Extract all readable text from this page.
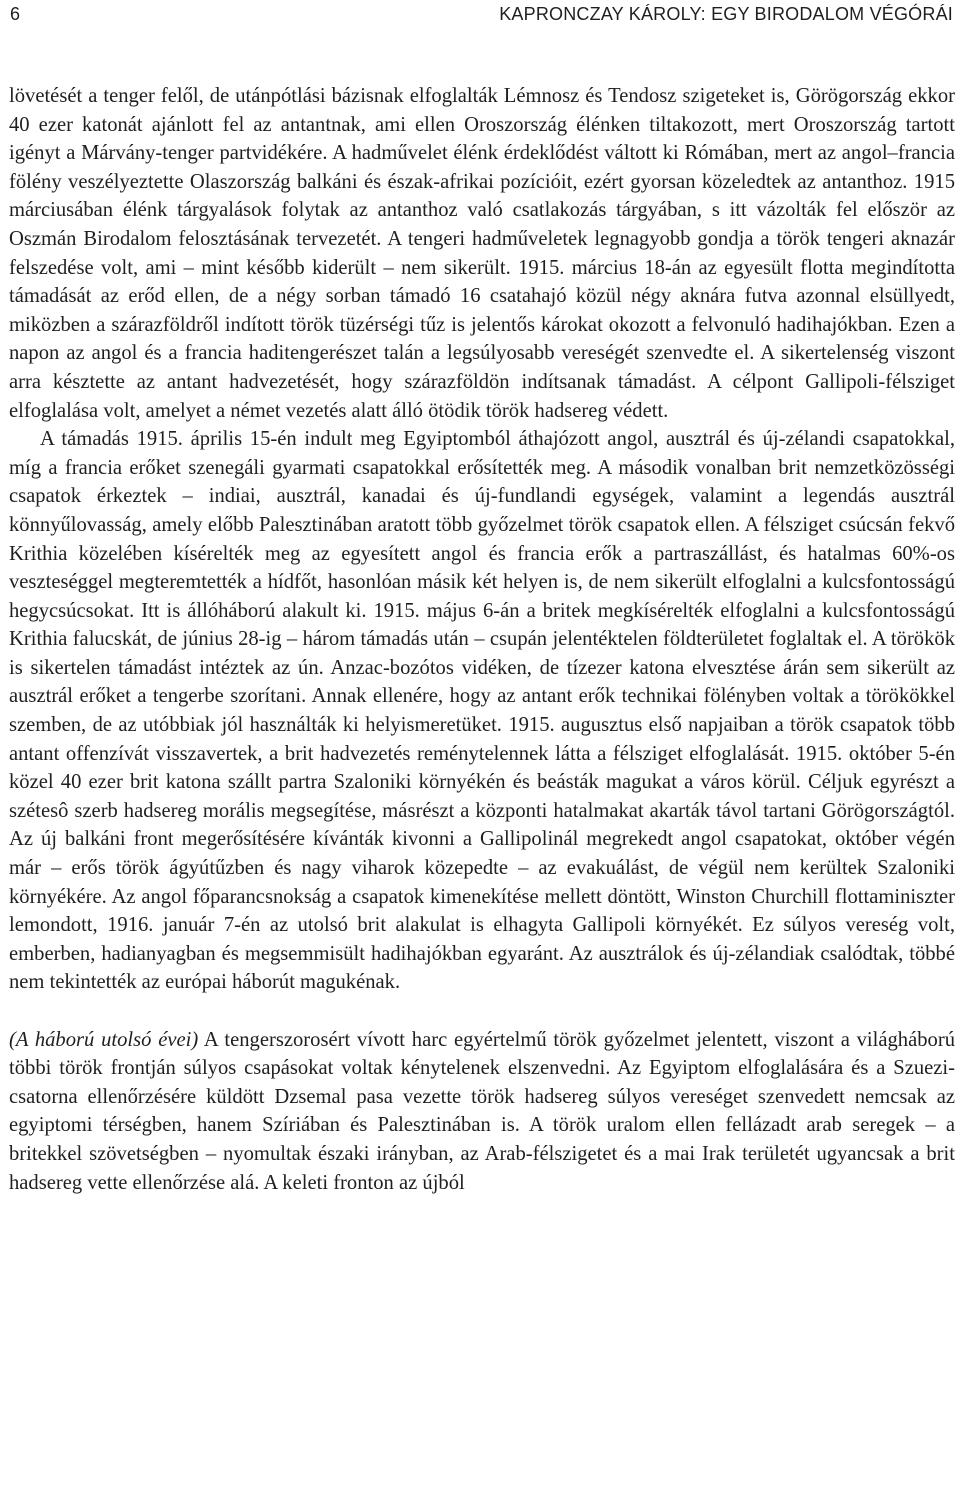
6	KAPRONCZAY KÁROLY: EGY BIRODALOM VÉGÓRÁI

lövetését a tenger felől, de utánpótlási bázisnak elfoglalták Lémnosz és Tendosz szigeteket is, Görögország ekkor 40 ezer katonát ajánlott fel az antantnak, ami ellen Oroszország élénken tiltakozott, mert Oroszország tartott igényt a Márvány-tenger partvidékére. A hadművelet élénk érdeklődést váltott ki Rómában, mert az angol–francia fölény veszélyeztette Olaszország balkáni és észak-afrikai pozícióit, ezért gyorsan közeledtek az antanthoz. 1915 márciusában élénk tárgyalások folytak az antanthoz való csatlakozás tárgyában, s itt vázolták fel először az Oszmán Birodalom felosztásának tervezetét. A tengeri hadműveletek legnagyobb gondja a török tengeri aknazár felszedése volt, ami – mint később kiderült – nem sikerült. 1915. március 18-án az egyesült flotta megindította támadását az erőd ellen, de a négy sorban támadó 16 csatahajó közül négy aknára futva azonnal elsüllyedt, miközben a szárazföldről indított török tüzérségi tűz is jelentős károkat okozott a felvonuló hadihajókban. Ezen a napon az angol és a francia haditengerészet talán a legsúlyosabb vereségét szenvedte el. A sikertelenség viszont arra késztette az antant hadvezetését, hogy szárazföldön indítsanak támadást. A célpont Gallipoli-félsziget elfoglalása volt, amelyet a német vezetés alatt álló ötödik török hadsereg védett.

A támadás 1915. április 15-én indult meg Egyiptomból áthajózott angol, ausztrál és új-zélandi csapatokkal, míg a francia erőket szenegáli gyarmati csapatokkal erősítették meg. A második vonalban brit nemzetközösségi csapatok érkeztek – indiai, ausztrál, kanadai és új-fundlandi egységek, valamint a legendás ausztrál könnyűlovasság, amely előbb Palesztinában aratott több győzelmet török csapatok ellen. A félsziget csúcsán fekvő Krithia közelében kísérelték meg az egyesített angol és francia erők a partraszállást, és hatalmas 60%-os veszteséggel megteremtették a hídfőt, hasonlóan másik két helyen is, de nem sikerült elfoglalni a kulcsfontosságú hegycsúcsokat. Itt is állóháború alakult ki. 1915. május 6-án a britek megkísérelték elfoglalni a kulcsfontosságú Krithia falucskát, de június 28-ig – három támadás után – csupán jelentéktelen földterületet foglaltak el. A törökök is sikertelen támadást intéztek az ún. Anzac-bozótos vidéken, de tízezer katona elvesztése árán sem sikerült az ausztrál erőket a tengerbe szorítani. Annak ellenére, hogy az antant erők technikai fölényben voltak a törökökkel szemben, de az utóbbiak jól használták ki helyismeretüket. 1915. augusztus első napjaiban a török csapatok több antant offenzívát visszavertek, a brit hadvezetés reménytelennek látta a félsziget elfoglalását. 1915. október 5-én közel 40 ezer brit katona szállt partra Szaloniki környékén és beásták magukat a város körül. Céljuk egyrészt a szétesô szerb hadsereg morális megsegítése, másrészt a központi hatalmakat akarták távol tartani Görögországtól. Az új balkáni front megerősítésére kívánták kivonni a Gallipolinál megrekedt angol csapatokat, október végén már – erős török ágyútűzben és nagy viharok közepedte – az evakuálást, de végül nem kerültek Szaloniki környékére. Az angol főparancsnokság a csapatok kimenekítése mellett döntött, Winston Churchill flottaminiszter lemondott, 1916. január 7-én az utolsó brit alakulat is elhagyta Gallipoli környékét. Ez súlyos vereség volt, emberben, hadianyagban és megsemmisült hadihajókban egyaránt. Az ausztrálok és új-zélandiak csalódtak, többé nem tekintették az európai háborút magukénak.

(A háború utolsó évei) A tengerszorosért vívott harc egyértelmű török győzelmet jelentett, viszont a világháború többi török frontján súlyos csapásokat voltak kénytelenek elszenvedni. Az Egyiptom elfoglalására és a Szuezi-csatorna ellenőrzésére küldött Dzsemal pasa vezette török hadsereg súlyos vereséget szenvedett nemcsak az egyiptomi térségben, hanem Szíriában és Palesztinában is. A török uralom ellen fellázadt arab seregek – a britekkel szövetségben – nyomultak északi irányban, az Arab-félszigetet és a mai Irak területét ugyancsak a brit hadsereg vette ellenőrzése alá. A keleti fronton az újból
